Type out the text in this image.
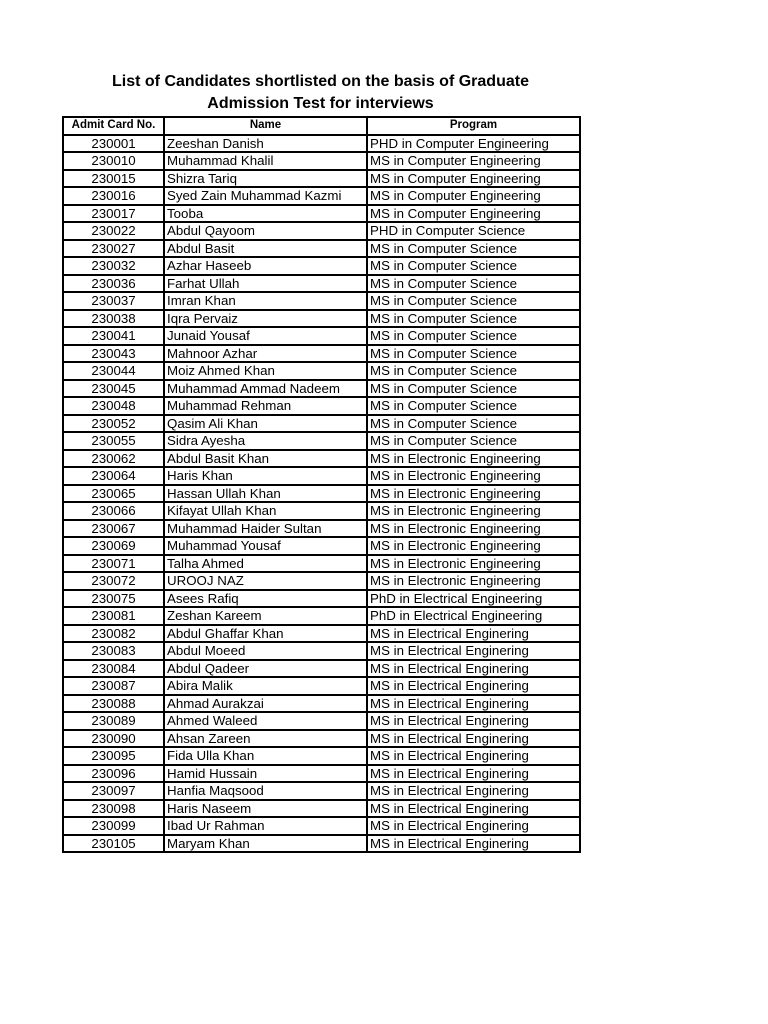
List of Candidates shortlisted on the basis of Graduate
Admission Test for interviews
Admit Card No.	Name	Program
230001	Zeeshan Danish	PHD in Computer Engineering
230010	Muhammad Khalil	MS in Computer Engineering
230015	Shizra Tariq	MS in Computer Engineering
230016	Syed Zain Muhammad Kazmi	MS in Computer Engineering
230017	Tooba	MS in Computer Engineering
230022	Abdul Qayoom	PHD in Computer Science
230027	Abdul Basit	MS in Computer Science
230032	Azhar Haseeb	MS in Computer Science
230036	Farhat Ullah	MS in Computer Science
230037	Imran Khan	MS in Computer Science
230038	Iqra Pervaiz	MS in Computer Science
230041	Junaid Yousaf	MS in Computer Science
230043	Mahnoor Azhar	MS in Computer Science
230044	Moiz Ahmed Khan	MS in Computer Science
230045	Muhammad Ammad Nadeem	MS in Computer Science
230048	Muhammad Rehman	MS in Computer Science
230052	Qasim Ali Khan	MS in Computer Science
230055	Sidra Ayesha	MS in Computer Science
230062	Abdul Basit Khan	MS in Electronic Engineering
230064	Haris Khan	MS in Electronic Engineering
230065	Hassan Ullah Khan	MS in Electronic Engineering
230066	Kifayat Ullah Khan	MS in Electronic Engineering
230067	Muhammad Haider Sultan	MS in Electronic Engineering
230069	Muhammad Yousaf	MS in Electronic Engineering
230071	Talha Ahmed	MS in Electronic Engineering
230072	UROOJ NAZ	MS in Electronic Engineering
230075	Asees Rafiq	PhD in Electrical Engineering
230081	Zeshan Kareem	PhD in Electrical Engineering
230082	Abdul Ghaffar Khan	MS in Electrical Enginering
230083	Abdul Moeed	MS in Electrical Enginering
230084	Abdul Qadeer	MS in Electrical Enginering
230087	Abira Malik	MS in Electrical Enginering
230088	Ahmad Aurakzai	MS in Electrical Enginering
230089	Ahmed Waleed	MS in Electrical Enginering
230090	Ahsan Zareen	MS in Electrical Enginering
230095	Fida Ulla Khan	MS in Electrical Enginering
230096	Hamid Hussain	MS in Electrical Enginering
230097	Hanfia Maqsood	MS in Electrical Enginering
230098	Haris Naseem	MS in Electrical Enginering
230099	Ibad Ur Rahman	MS in Electrical Enginering
230105	Maryam Khan	MS in Electrical Enginering
